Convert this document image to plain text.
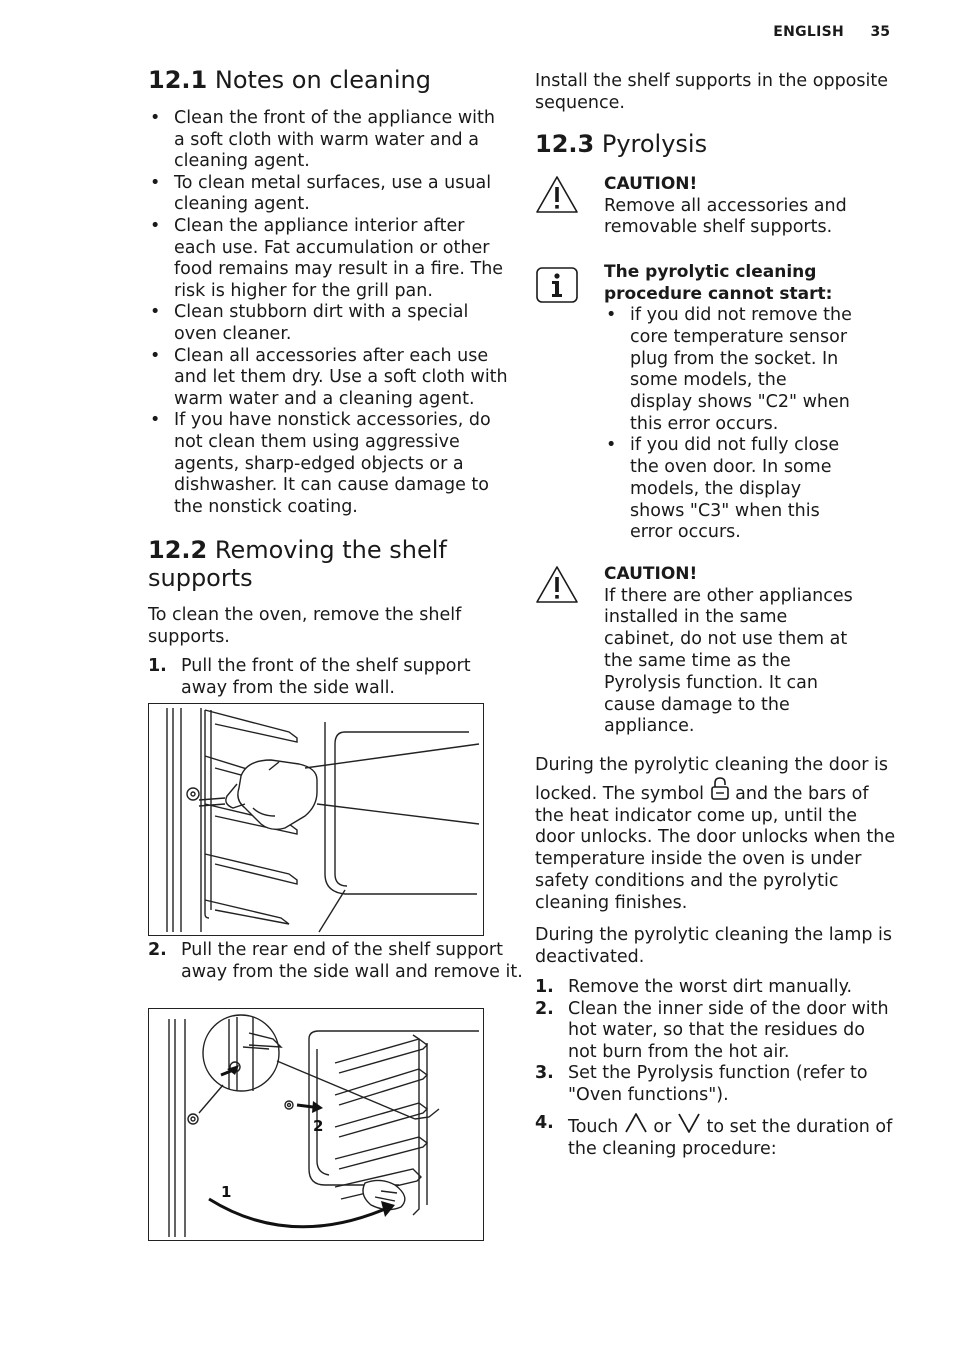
ENGLISH 35
12.1 Notes on cleaning
• Clean the front of the appliance with a soft cloth with warm water and a cleaning agent.
• To clean metal surfaces, use a usual cleaning agent.
• Clean the appliance interior after each use. Fat accumulation or other food remains may result in a fire. The risk is higher for the grill pan.
• Clean stubborn dirt with a special oven cleaner.
• Clean all accessories after each use and let them dry. Use a soft cloth with warm water and a cleaning agent.
• If you have nonstick accessories, do not clean them using aggressive agents, sharp-edged objects or a dishwasher. It can cause damage to the nonstick coating.
12.2 Removing the shelf
supports

To clean the oven, remove the shelf supports.

1. Pull the front of the shelf support away from the side wall.
2. Pull the rear end of the shelf support away from the side wall and remove it.
2
1

Install the shelf supports in the opposite sequence.

12.3 Pyrolysis
CAUTION!
Remove all accessories and removable shelf supports.
The pyrolytic cleaning procedure cannot start:
• if you did not remove the core temperature sensor plug from the socket. In some models, the display shows "C2" when this error occurs.
• if you did not fully close the oven door. In some models, the display shows "C3" when this error occurs.
CAUTION!
If there are other appliances installed in the same cabinet, do not use them at the same time as the Pyrolysis function. It can cause damage to the appliance.

During the pyrolytic cleaning the door is locked. The symbol and the bars of the heat indicator come up, until the door unlocks. The door unlocks when the temperature inside the oven is under safety conditions and the pyrolytic cleaning finishes.

During the pyrolytic cleaning the lamp is deactivated.

1. Remove the worst dirt manually.
2. Clean the inner side of the door with hot water, so that the residues do not burn from the hot air.
3. Set the Pyrolysis function (refer to "Oven functions").
4. Touch or to set the duration of the cleaning procedure:
